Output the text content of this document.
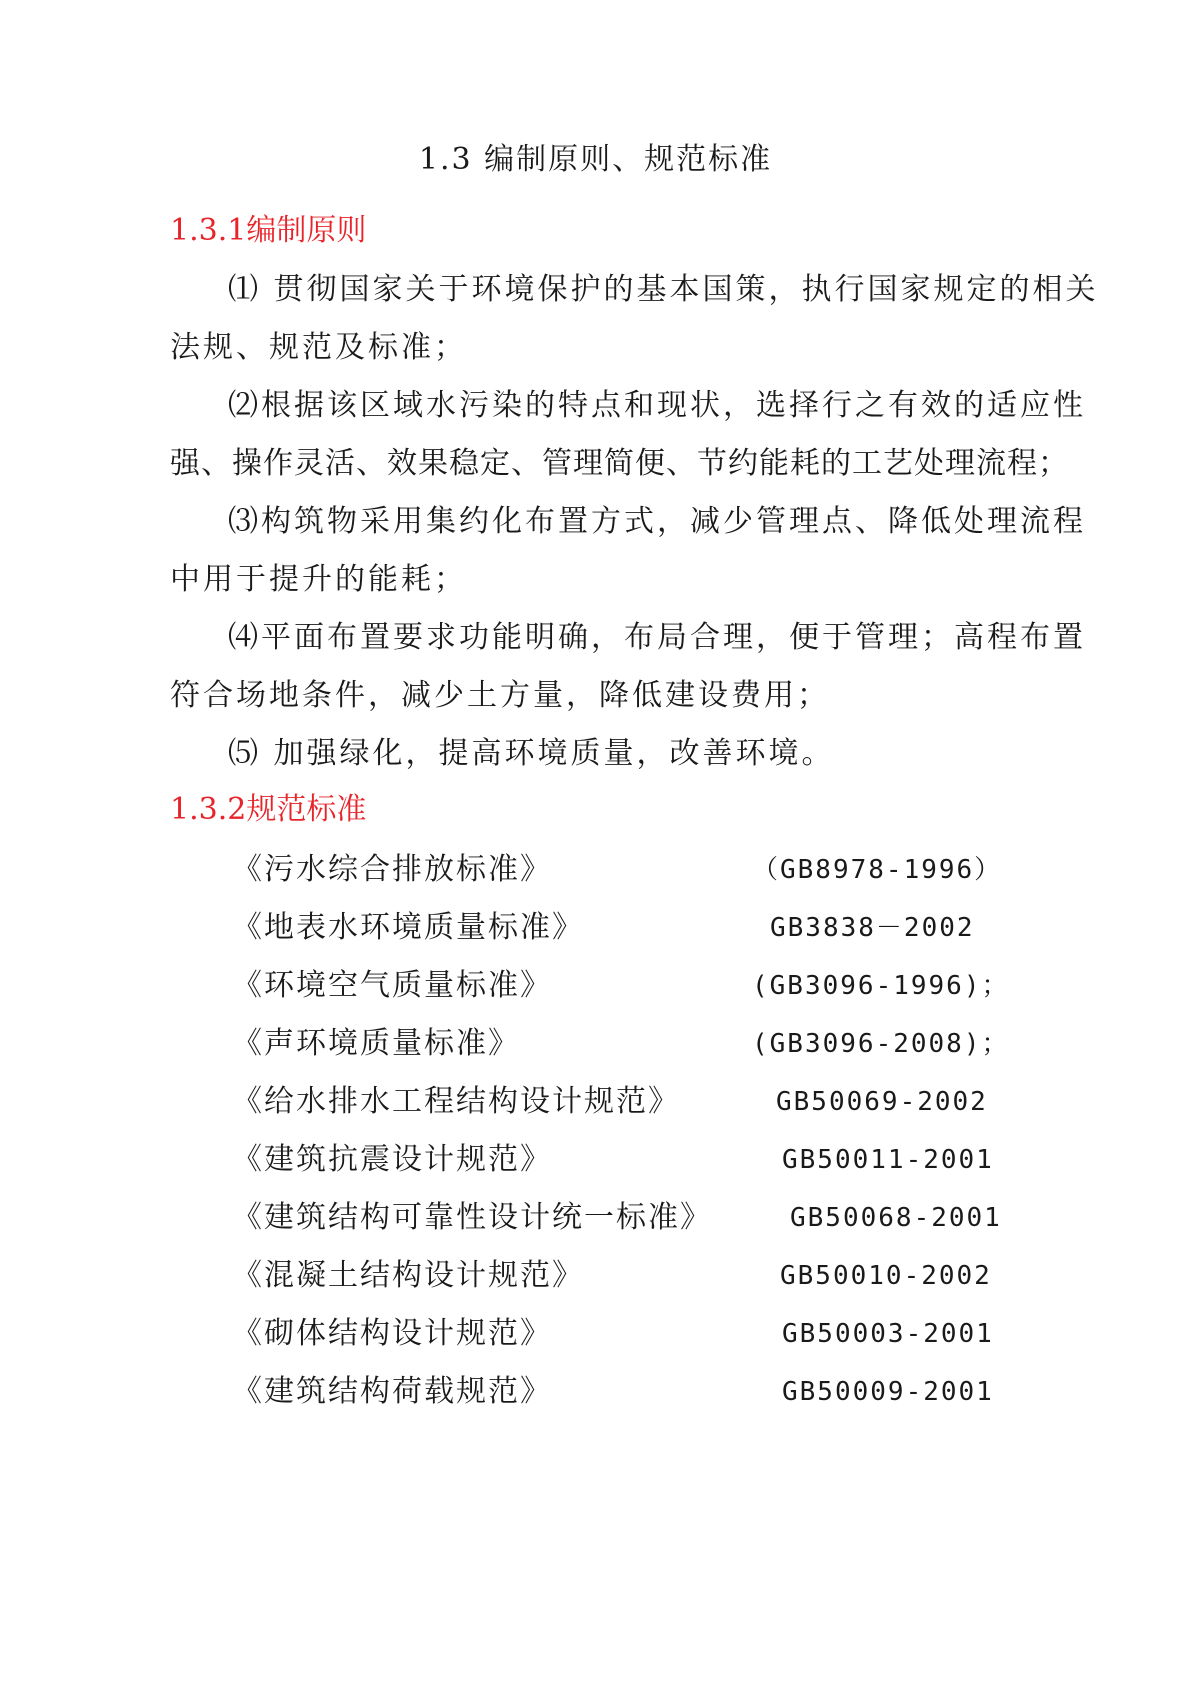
1.3 编制原则、规范标准
1.3.1编制原则
⑴ 贯彻国家关于环境保护的基本国策，执行国家规定的相关
法规、规范及标准；
⑵根据该区域水污染的特点和现状，选择行之有效的适应性
强、操作灵活、效果稳定、管理简便、节约能耗的工艺处理流程；
⑶构筑物采用集约化布置方式，减少管理点、降低处理流程
中用于提升的能耗；
⑷平面布置要求功能明确，布局合理，便于管理；高程布置
符合场地条件，减少土方量，降低建设费用；
⑸ 加强绿化，提高环境质量，改善环境。
1.3.2规范标准
《污水综合排放标准》	（GB8978-1996）
《地表水环境质量标准》	GB3838－2002
《环境空气质量标准》	(GB3096-1996)；
《声环境质量标准》	(GB3096-2008)；
《给水排水工程结构设计规范》	GB50069-2002
《建筑抗震设计规范》	GB50011-2001
《建筑结构可靠性设计统一标准》	GB50068-2001
《混凝土结构设计规范》	GB50010-2002
《砌体结构设计规范》	GB50003-2001
《建筑结构荷载规范》	GB50009-2001
